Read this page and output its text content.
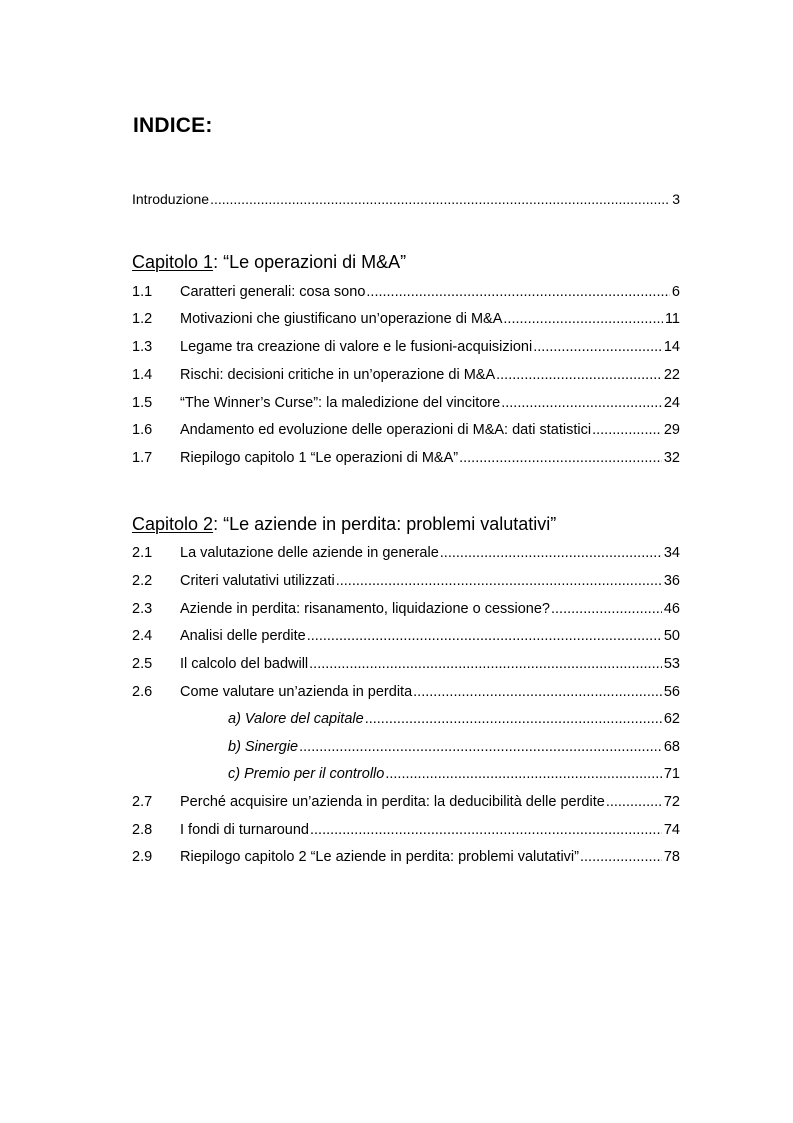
INDICE:
Introduzione .....	3
Capitolo 1: “Le operazioni di M&A”
1.1	Caratteri generali: cosa sono .....	6
1.2	Motivazioni che giustificano un’operazione di M&A .....	11
1.3	Legame tra creazione di valore e le fusioni-acquisizioni .....	14
1.4	Rischi: decisioni critiche in un’operazione di M&A .....	22
1.5	“The Winner’s Curse”: la maledizione del vincitore .....	24
1.6	Andamento ed evoluzione delle operazioni di M&A: dati statistici .....	29
1.7	Riepilogo capitolo 1 “Le operazioni di M&A” .....	32
Capitolo 2: “Le aziende in perdita: problemi valutativi”
2.1	La valutazione delle aziende in generale .....	34
2.2	Criteri valutativi utilizzati .....	36
2.3	Aziende in perdita: risanamento, liquidazione o cessione? .....	46
2.4	Analisi delle perdite .....	50
2.5	Il calcolo del badwill .....	53
2.6	Come valutare un’azienda in perdita .....	56
a) Valore del capitale .....	62
b) Sinergie .....	68
c) Premio per il controllo .....	71
2.7	Perché acquisire un’azienda in perdita: la deducibilità delle perdite .....	72
2.8	I fondi di turnaround .....	74
2.9	Riepilogo capitolo 2 “Le aziende in perdita: problemi valutativi” .....	78
